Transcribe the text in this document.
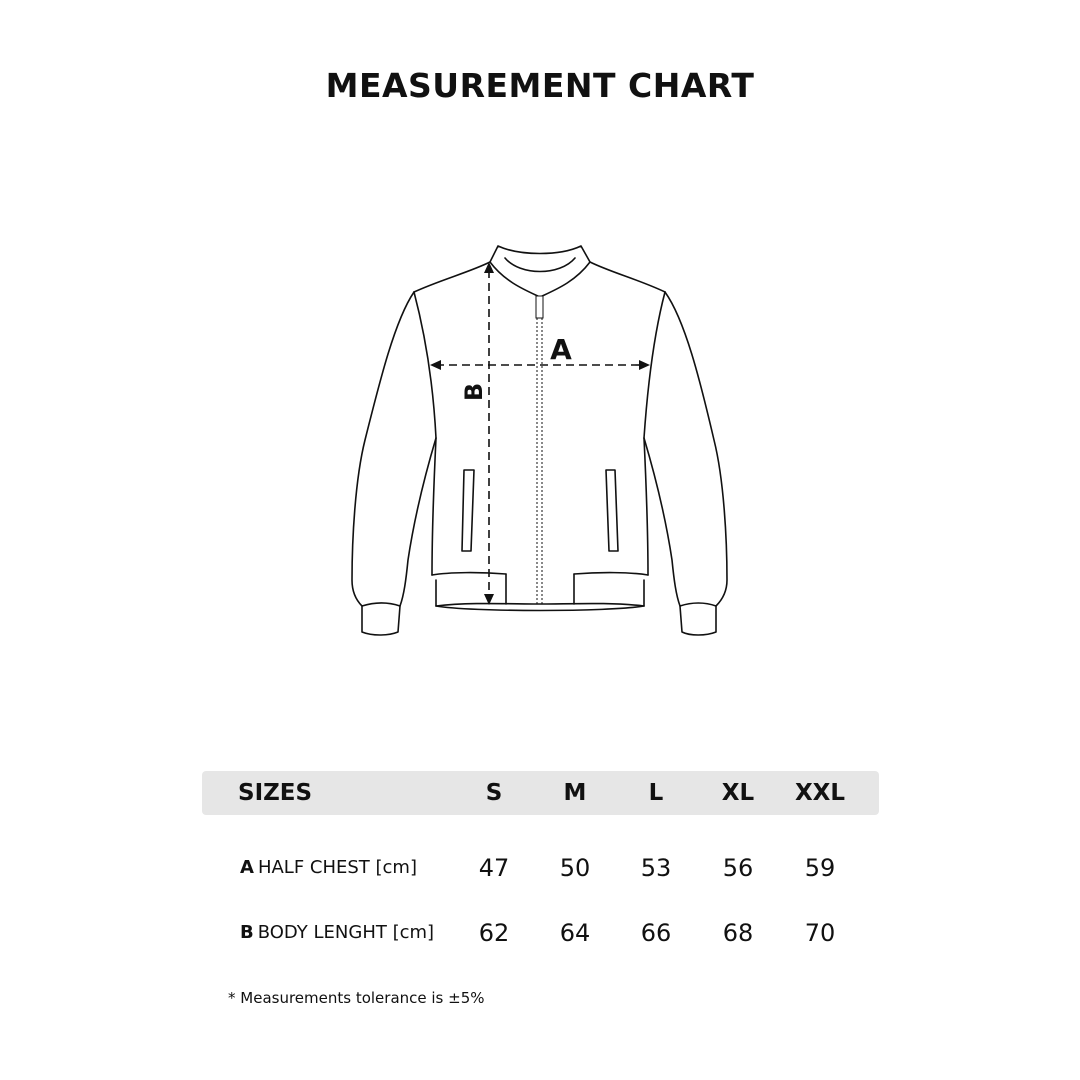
MEASUREMENT CHART
A
B
SIZES	S	M	L	XL	XXL
A HALF CHEST [cm]	47	50	53	56	59
B BODY LENGHT [cm]	62	64	66	68	70
* Measurements tolerance is ±5%
